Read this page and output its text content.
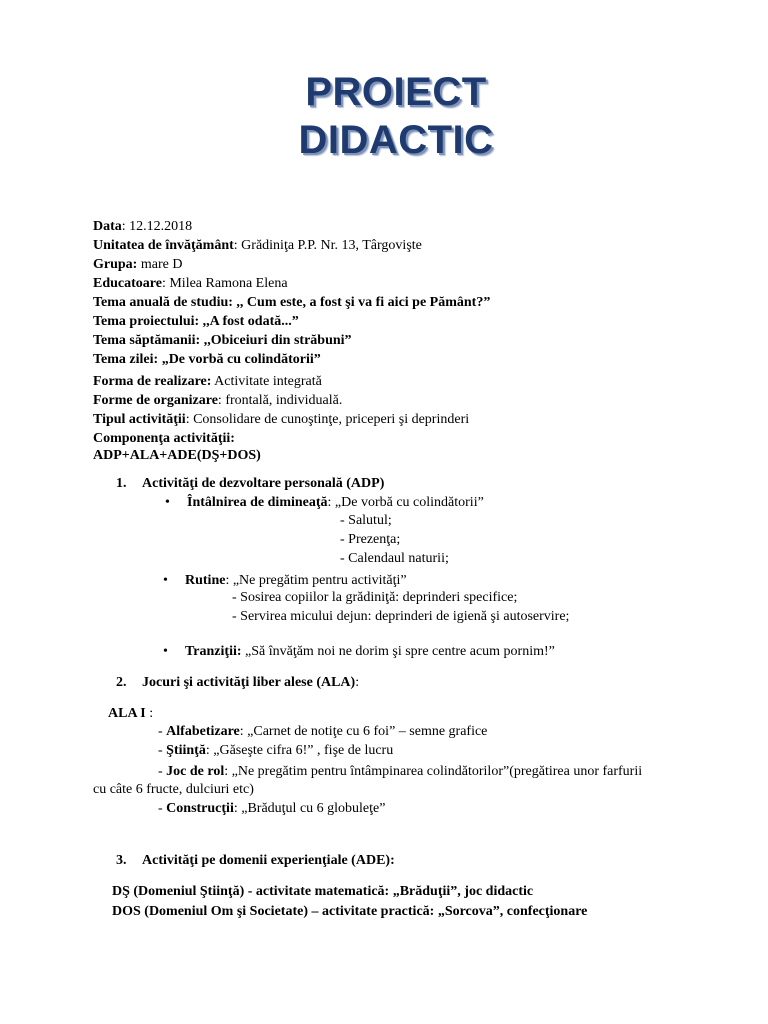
PROIECT
DIDACTIC
Data: 12.12.2018
Unitatea de învăţământ: Grădiniţa P.P. Nr. 13, Târgovişte
Grupa: mare D
Educatoare: Milea Ramona Elena
Tema anuală de studiu: ,, Cum este, a fost şi va fi aici pe Pământ?”
Tema proiectului: ,,A fost odată...”
Tema săptămanii: ,,Obiceiuri din străbuni”
Tema zilei: „De vorbă cu colindătorii”
Forma de realizare: Activitate integrată
Forme de organizare: frontală, individuală.
Tipul activităţii: Consolidare de cunoştinţe, priceperi şi deprinderi
Componenţa activităţii:
ADP+ALA+ADE(DŞ+DOS)
1. Activităţi de dezvoltare personală (ADP)
• Întâlnirea de dimineaţă: „De vorbă cu colindătorii”
- Salutul;
- Prezenţa;
- Calendaul naturii;
• Rutine: „Ne pregătim pentru activităţi”
- Sosirea copiilor la grădiniţă: deprinderi specifice;
- Servirea micului dejun: deprinderi de igienă şi autoservire;
• Tranziţii: „Să învăţăm noi ne dorim şi spre centre acum pornim!”
2. Jocuri şi activităţi liber alese (ALA):
ALA I :
- Alfabetizare: „Carnet de notiţe cu 6 foi” – semne grafice
- Ştiinţă: „Găseşte cifra 6!” , fişe de lucru
- Joc de rol: „Ne pregătim pentru întâmpinarea colindătorilor”(pregătirea unor farfurii
cu câte 6 fructe, dulciuri etc)
- Construcţii: „Brăduţul cu 6 globuleţe”
3. Activităţi pe domenii experienţiale (ADE):
DŞ (Domeniul Ştiinţă) - activitate matematică: „Brăduţii”, joc didactic
DOS (Domeniul Om şi Societate) – activitate practică: „Sorcova”, confecţionare
